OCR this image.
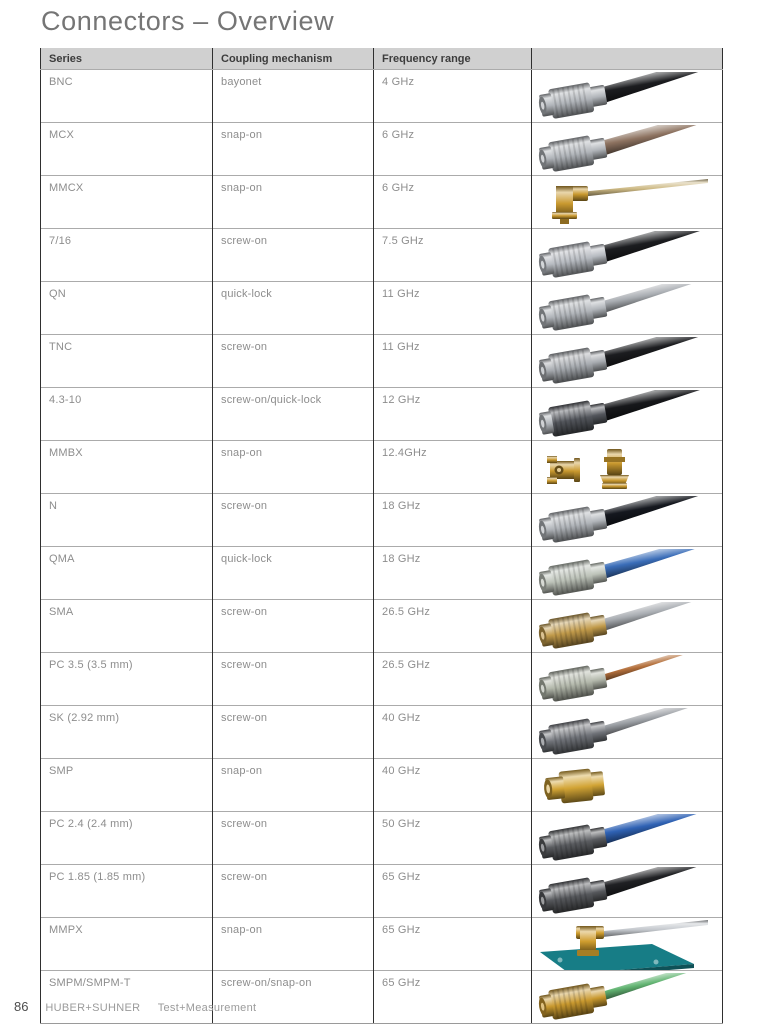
Connectors – Overview
Series	Coupling mechanism	Frequency range	
BNC	bayonet	4 GHz	

MCX	snap-on	6 GHz	

MMCX	snap-on	6 GHz	

7/16	screw-on	7.5 GHz	

QN	quick-lock	11 GHz	

TNC	screw-on	11 GHz	

4.3-10	screw-on/quick-lock	12 GHz	

MMBX	snap-on	12.4GHz	

N	screw-on	18 GHz	

QMA	quick-lock	18 GHz	

SMA	screw-on	26.5 GHz	

PC 3.5 (3.5 mm)	screw-on	26.5 GHz	

SK (2.92 mm)	screw-on	40 GHz	

SMP	snap-on	40 GHz	

PC 2.4 (2.4 mm)	screw-on	50 GHz	

PC 1.85 (1.85 mm)	screw-on	65 GHz	

MMPX	snap-on	65 GHz	

SMPM/SMPM-T	screw-on/snap-on	65 GHz	
86 HUBER+SUHNER Test+Measurement
